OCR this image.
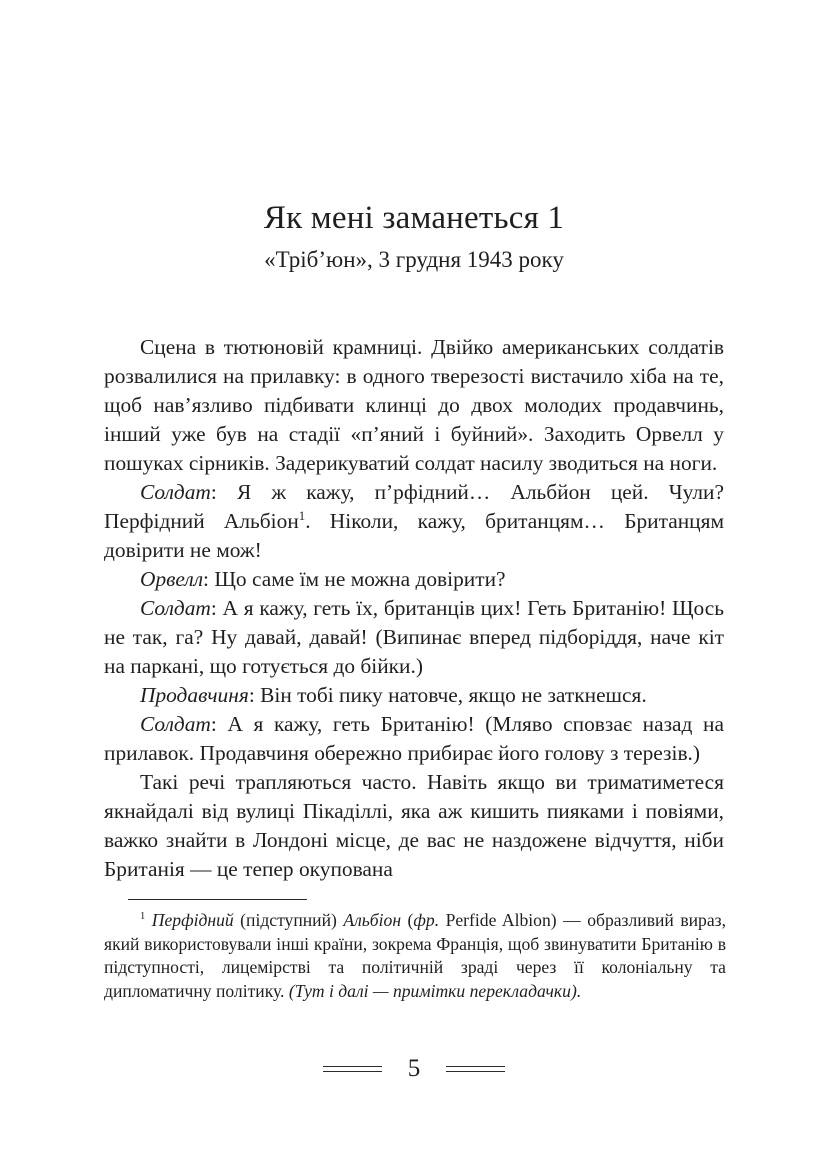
Як мені заманеться 1
«Тріб’юн», 3 грудня 1943 року

Сцена в тютюновій крамниці. Двійко американських солдатів розвалилися на прилавку: в одного тверезості вистачило хіба на те, щоб нав’язливо підбивати клинці до двох молодих продавчинь, інший уже був на стадії «п’яний і буйний». Заходить Орвелл у пошуках сірників. Задерикуватий солдат насилу зводиться на ноги.

Солдат: Я ж кажу, п’рфідний… Альбйон цей. Чули? Перфідний Альбіон$^1$. Ніколи, кажу, британцям… Британцям довірити не мож!

Орвелл: Що саме їм не можна довірити?

Солдат: А я кажу, геть їх, британців цих! Геть Британію! Щось не так, га? Ну давай, давай! (Випинає вперед підборіддя, наче кіт на паркані, що готується до бійки.)

Продавчиня: Він тобі пику натовче, якщо не заткнешся.

Солдат: А я кажу, геть Британію! (Мляво сповзає назад на прилавок. Продавчиня обережно прибирає його голову з терезів.)

Такі речі трапляються часто. Навіть якщо ви триматиметеся якнайдалі від вулиці Пікаділлі, яка аж кишить пияками і повіями, важко знайти в Лондоні місце, де вас не наздожене відчуття, ніби Британія — це тепер окупована

$^1$ Перфідний (підступний) Альбіон (фр. Perfide Albion) — образливий вираз, який використовували інші країни, зокрема Франція, щоб звинуватити Британію в підступності, лицемірстві та політичній зраді через її колоніальну та дипломатичну політику. (Тут і далі — примітки перекладачки).
5
